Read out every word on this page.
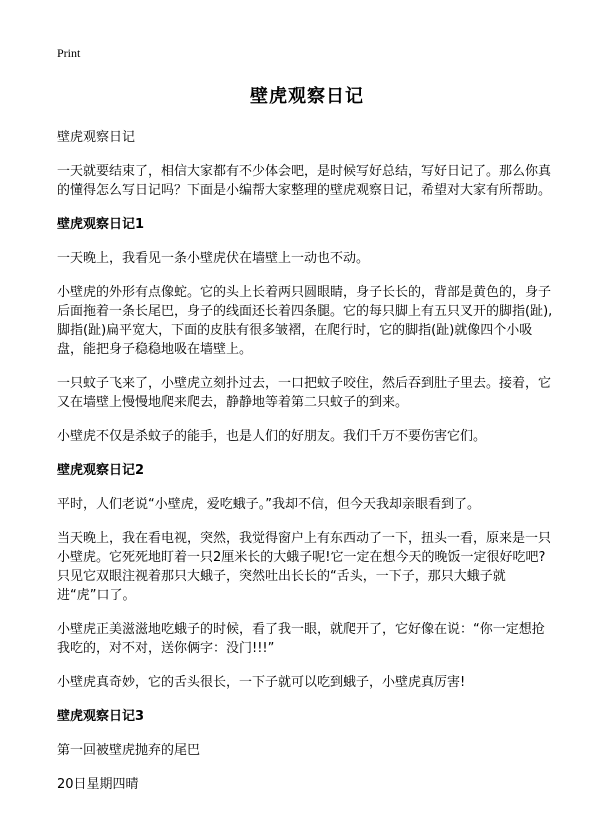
Print
壁虎观察日记

壁虎观察日记

一天就要结束了，相信大家都有不少体会吧，是时候写好总结，写好日记了。那么你真的懂得怎么写日记吗？下面是小编帮大家整理的壁虎观察日记，希望对大家有所帮助。

壁虎观察日记1

一天晚上，我看见一条小壁虎伏在墙壁上一动也不动。

小壁虎的外形有点像蛇。它的头上长着两只圆眼睛，身子长长的，背部是黄色的，身子后面拖着一条长尾巴，身子的线面还长着四条腿。它的每只脚上有五只叉开的脚指(趾),脚指(趾)扁平宽大，下面的皮肤有很多皱褶，在爬行时，它的脚指(趾)就像四个小吸盘，能把身子稳稳地吸在墙壁上。

一只蚊子飞来了，小壁虎立刻扑过去，一口把蚊子咬住，然后吞到肚子里去。接着，它又在墙壁上慢慢地爬来爬去，静静地等着第二只蚊子的到来。

小壁虎不仅是杀蚊子的能手，也是人们的好朋友。我们千万不要伤害它们。

壁虎观察日记2

平时，人们老说“小壁虎，爱吃蛾子。”我却不信，但今天我却亲眼看到了。

当天晚上，我在看电视，突然，我觉得窗户上有东西动了一下，扭头一看，原来是一只小壁虎。它死死地盯着一只2厘米长的大蛾子呢!它一定在想今天的晚饭一定很好吃吧?只见它双眼注视着那只大蛾子，突然吐出长长的“舌头，一下子，那只大蛾子就进“虎”口了。

小壁虎正美滋滋地吃蛾子的时候，看了我一眼，就爬开了，它好像在说：“你一定想抢我吃的，对不对，送你俩字：没门!!!”

小壁虎真奇妙，它的舌头很长，一下子就可以吃到蛾子，小壁虎真厉害!

壁虎观察日记3

第一回被壁虎抛弃的尾巴

20日星期四晴
